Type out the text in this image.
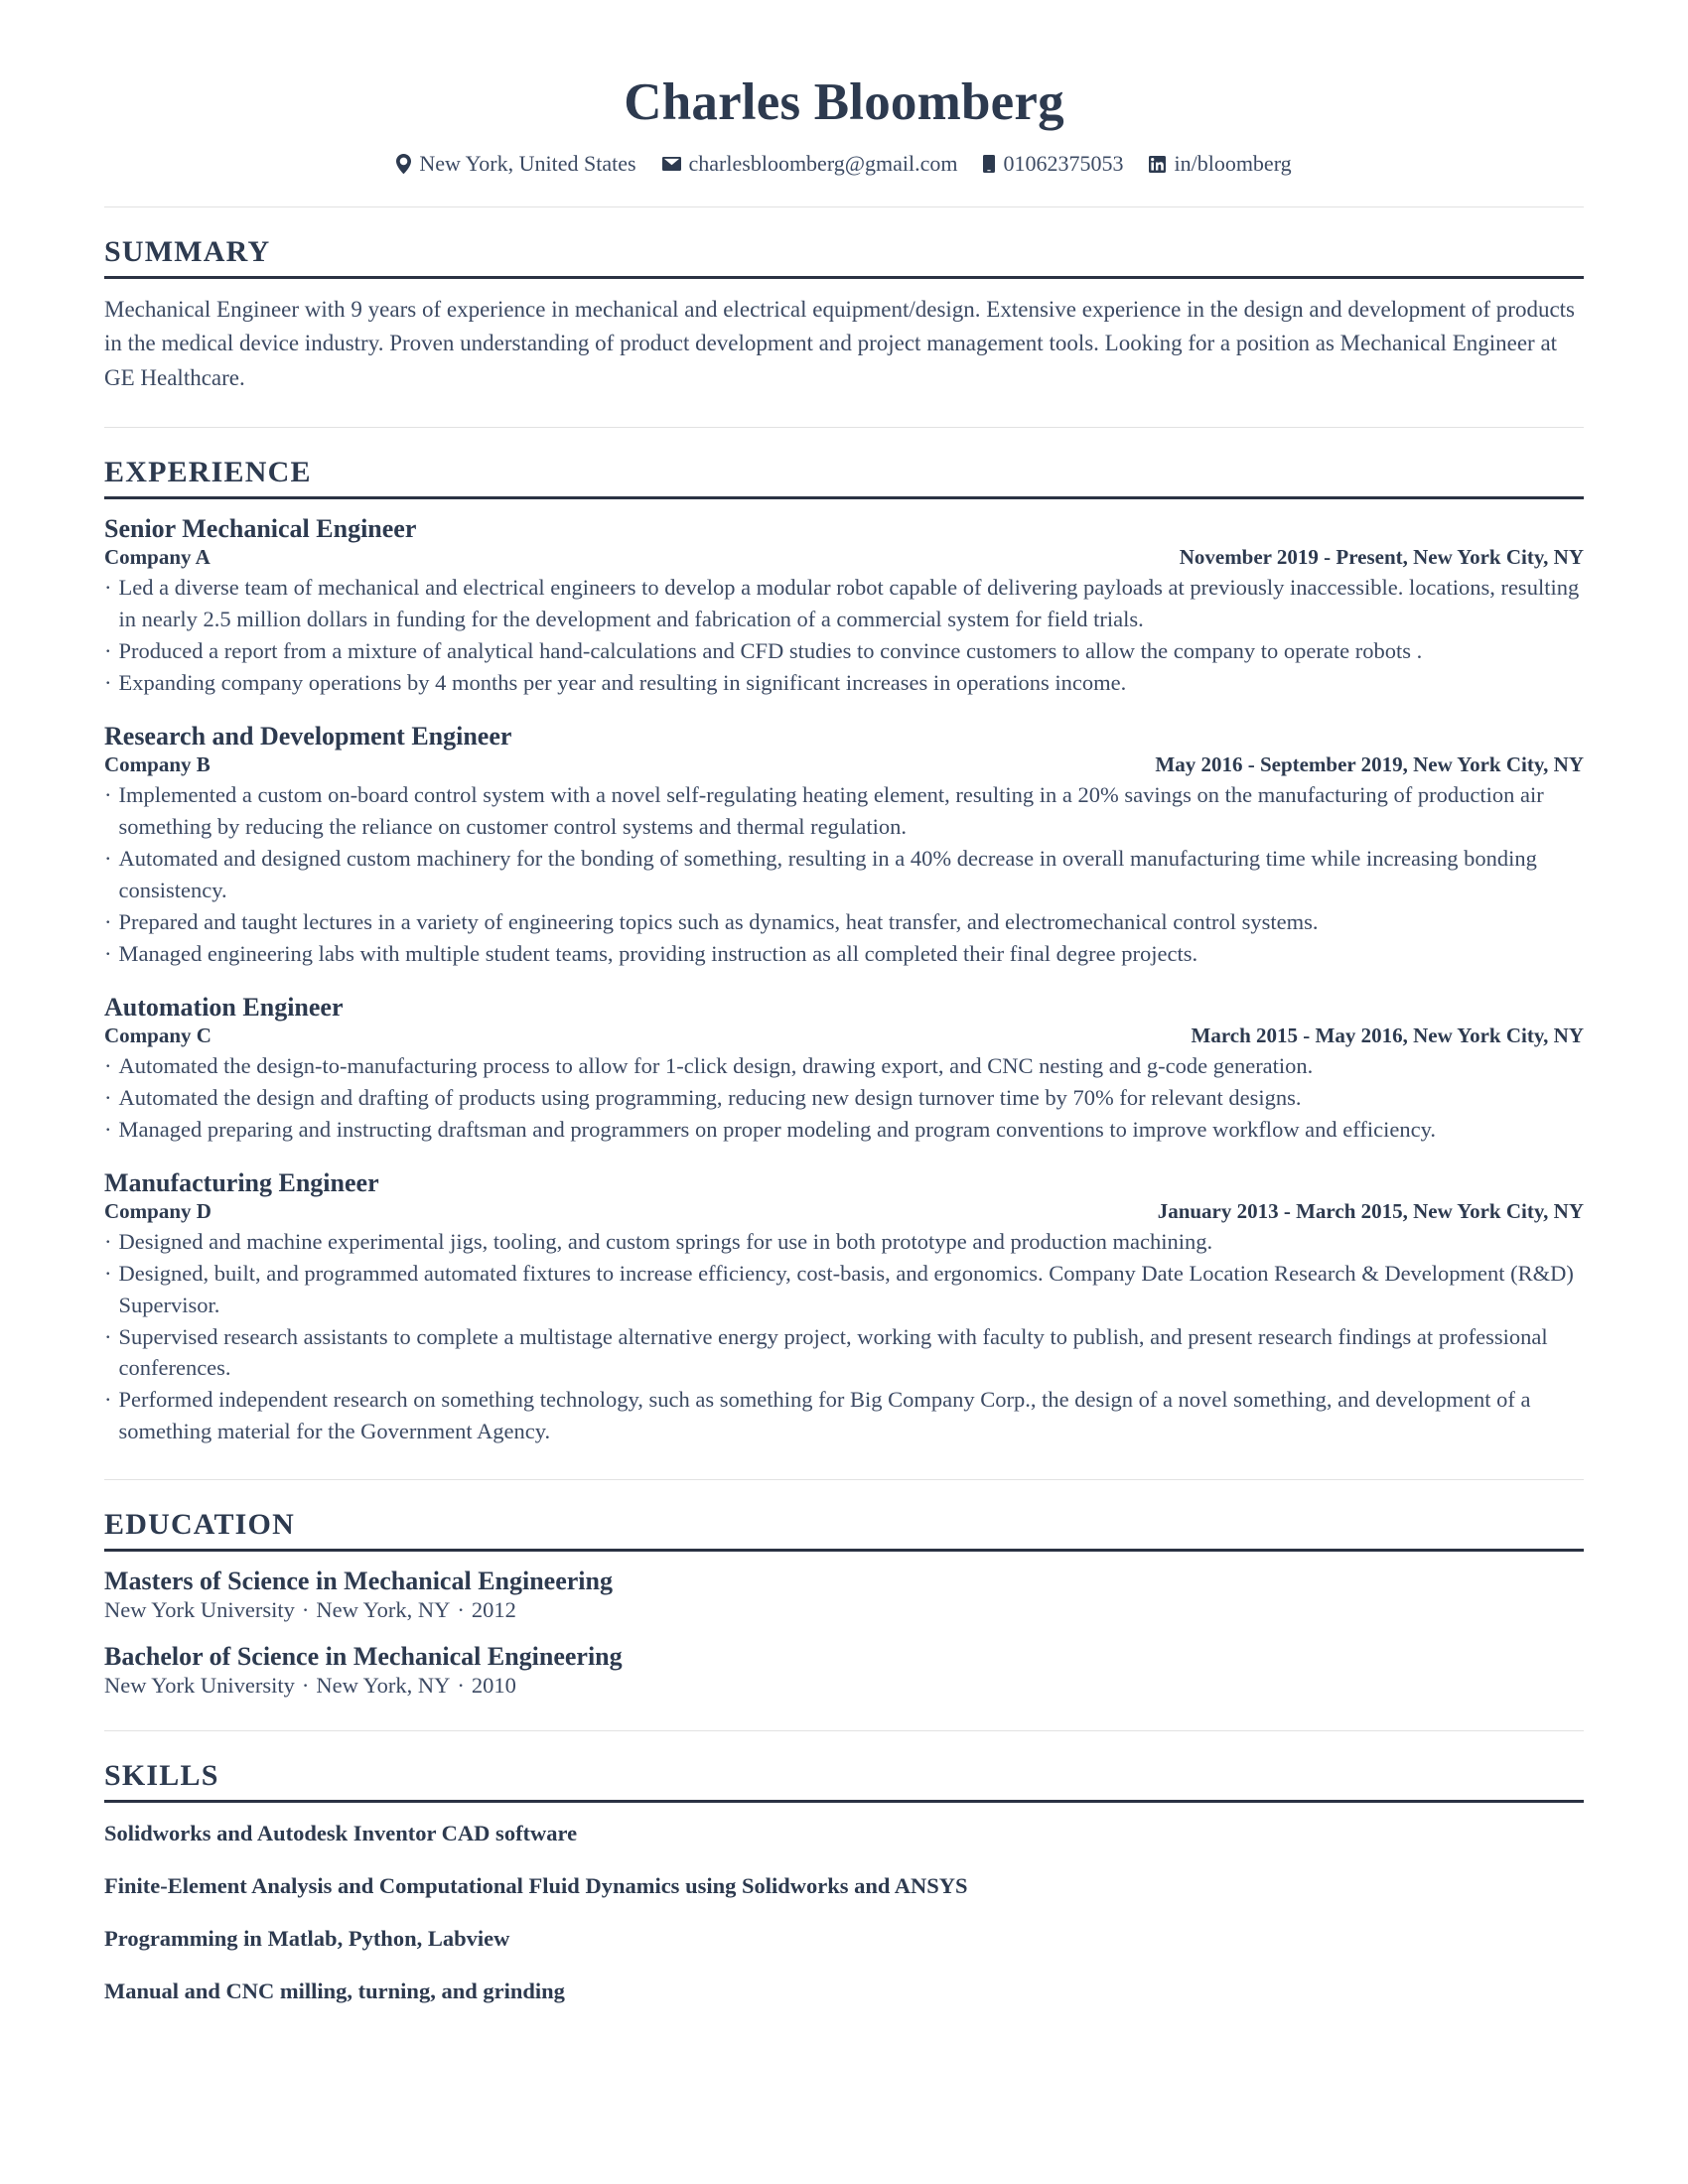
Charles Bloomberg
New York, United States charlesbloomberg@gmail.com 01062375053 in/bloomberg
SUMMARY
Mechanical Engineer with 9 years of experience in mechanical and electrical equipment/design. Extensive experience in the design and development of products in the medical device industry. Proven understanding of product development and project management tools. Looking for a position as Mechanical Engineer at GE Healthcare.
EXPERIENCE
Senior Mechanical Engineer
Company A	November 2019 - Present, New York City, NY
· Led a diverse team of mechanical and electrical engineers to develop a modular robot capable of delivering payloads at previously inaccessible. locations, resulting in nearly 2.5 million dollars in funding for the development and fabrication of a commercial system for field trials.
· Produced a report from a mixture of analytical hand-calculations and CFD studies to convince customers to allow the company to operate robots .
· Expanding company operations by 4 months per year and resulting in significant increases in operations income.
Research and Development Engineer
Company B	May 2016 - September 2019, New York City, NY
· Implemented a custom on-board control system with a novel self-regulating heating element, resulting in a 20% savings on the manufacturing of production air something by reducing the reliance on customer control systems and thermal regulation.
· Automated and designed custom machinery for the bonding of something, resulting in a 40% decrease in overall manufacturing time while increasing bonding consistency.
· Prepared and taught lectures in a variety of engineering topics such as dynamics, heat transfer, and electromechanical control systems.
· Managed engineering labs with multiple student teams, providing instruction as all completed their final degree projects.
Automation Engineer
Company C	March 2015 - May 2016, New York City, NY
· Automated the design-to-manufacturing process to allow for 1-click design, drawing export, and CNC nesting and g-code generation.
· Automated the design and drafting of products using programming, reducing new design turnover time by 70% for relevant designs.
· Managed preparing and instructing draftsman and programmers on proper modeling and program conventions to improve workflow and efficiency.
Manufacturing Engineer
Company D	January 2013 - March 2015, New York City, NY
· Designed and machine experimental jigs, tooling, and custom springs for use in both prototype and production machining.
· Designed, built, and programmed automated fixtures to increase efficiency, cost-basis, and ergonomics. Company Date Location Research & Development (R&D) Supervisor.
· Supervised research assistants to complete a multistage alternative energy project, working with faculty to publish, and present research findings at professional conferences.
· Performed independent research on something technology, such as something for Big Company Corp., the design of a novel something, and development of a something material for the Government Agency.
EDUCATION
Masters of Science in Mechanical Engineering
New York University · New York, NY · 2012
Bachelor of Science in Mechanical Engineering
New York University · New York, NY · 2010
SKILLS
Solidworks and Autodesk Inventor CAD software
Finite-Element Analysis and Computational Fluid Dynamics using Solidworks and ANSYS
Programming in Matlab, Python, Labview
Manual and CNC milling, turning, and grinding
